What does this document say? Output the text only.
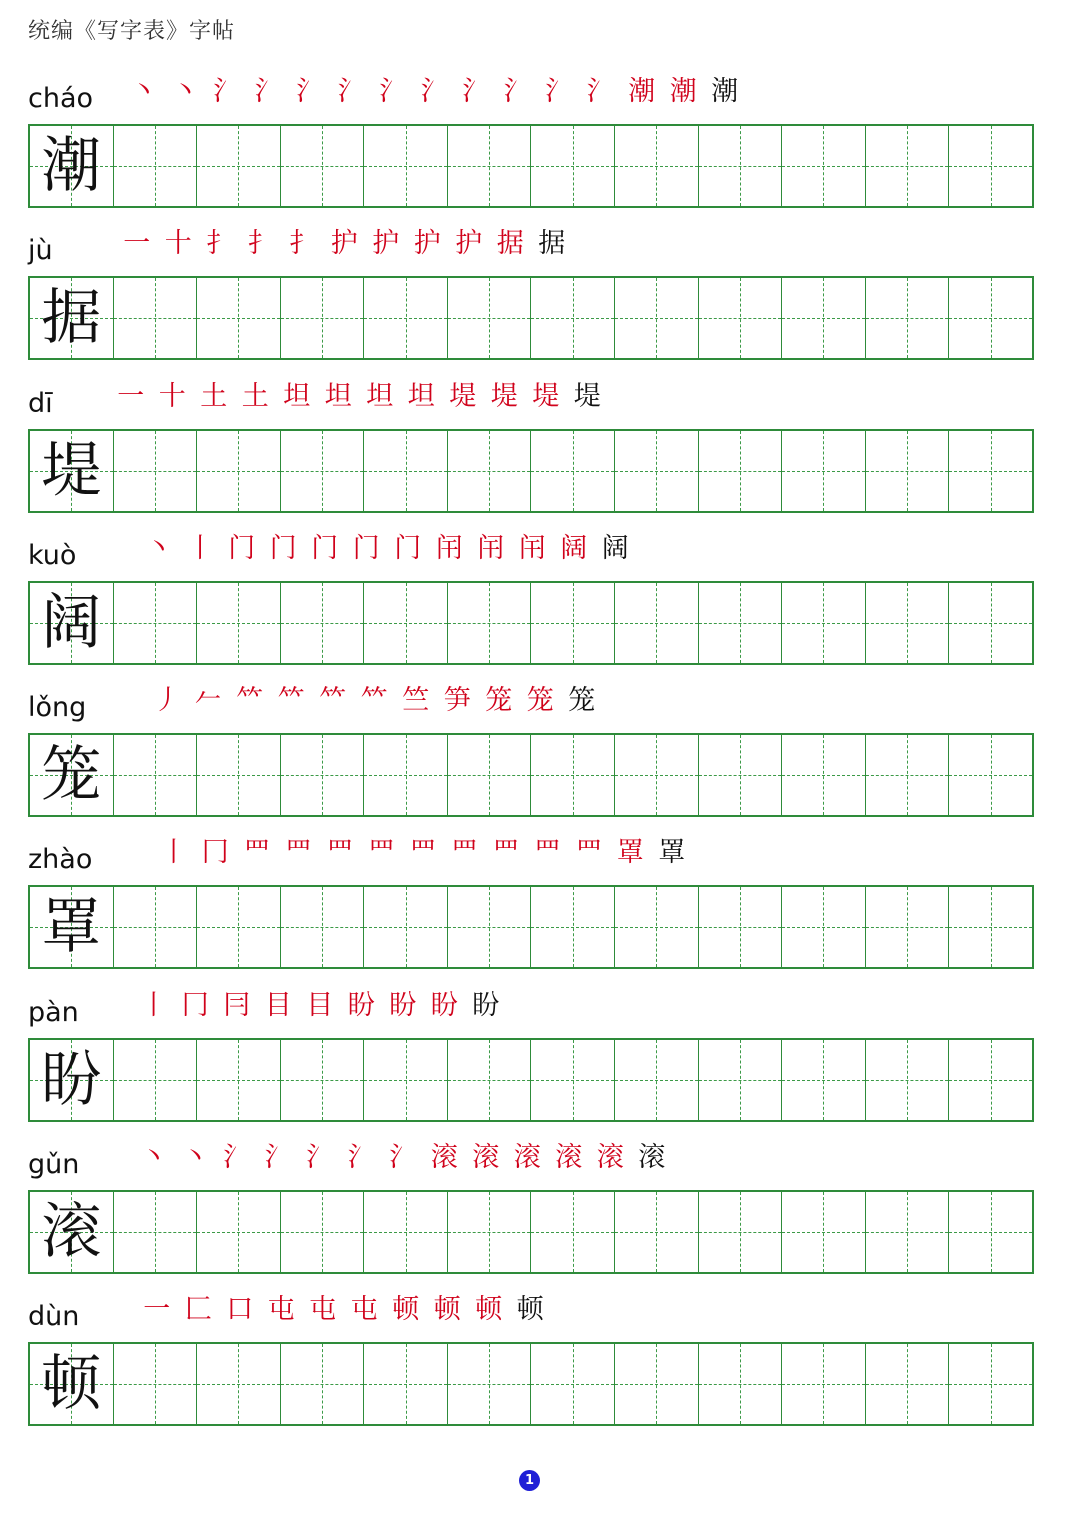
统编《写字表》字帖
cháo 丶 丶 氵 氵 氵 氵 氵 氵 氵 氵 氵 氵 潮 潮 潮
潮
jù	一 十 扌 扌 扌 护 护 护 护 据 据
据
dī 一 十 土 土 坦 坦 坦 坦 堤 堤 堤 堤
堤
kuò	丶 丨 门 门 门 门 门 闬 闬 闬 阔 阔
阔
lǒng 丿 𠂉 𥫗 𥫗 𥫗 𥫗 竺 笋 笼 笼 笼
笼
zhào	丨 冂 罒 罒 罒 罒 罒 罒 罒 罒 罒 罩 罩
罩
pàn 丨 冂 冃 目 目 盼 盼 盼 盼
盼
gǔn 丶 丶 氵 氵 氵 氵 氵 滚 滚 滚 滚 滚 滚
滚
dùn 一 匚 口 屯 屯 屯 顿 顿 顿 顿
顿
1
